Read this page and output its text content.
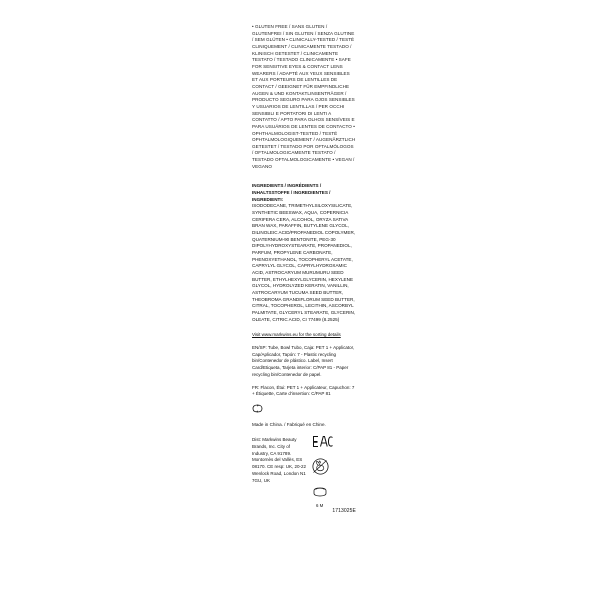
• GLUTEN FREE / SANS GLUTEN / GLUTENFREI / SIN GLUTEN / SENZA GLUTINE / SEM GLÚTEN • CLINICALLY-TESTED / TESTÉ CLINIQUEMENT / CLINICAMENTE TESTADO / KLINISCH GETESTET / CLINICAMENTE TESTATO / TESTADO CLINICAMENTE • SAFE FOR SENSITIVE EYES & CONTACT LENS WEARERS / ADAPTÉ AUX YEUX SENSIBLES ET AUX PORTEURS DE LENTILLES DE CONTACT / GEEIGNET FÜR EMPFINDLICHE AUGEN & UND KONTAKTLINSENTRÄGER / PRODUCTO SEGURO PARA OJOS SENSIBLES Y USUARIOS DE LENTILLAS / PER OCCHI SENSIBILI E PORTATORI DI LENTI A CONTATTO / APTO PARA OLHOS SENSÍVEIS E PARA USUÁRIOS DE LENTES DE CONTACTO • OPHTHALMOLOGIST-TESTED / TESTÉ OPHTALMOLOGIQUEMENT / AUGENÄRZTLICH GETESTET / TESTADO POR OFTALMÓLOGOS / OFTALMOLOGICAMENTE TESTATO / TESTADO OFTALMOLOGICAMENTE • VEGAN / VEGANO
INGREDIENTS / INGRÉDIENTS / INHALTSSTOFFE / INGREDIENTES / INGREDIENTI:
ISODODECANE, TRIMETHYLSILOXYSILICATE, SYNTHETIC BEESWAX, AQUA, COPERNICIA CERIFERA CERA, ALCOHOL, ORYZA SATIVA BRAN WAX, PARAFFIN, BUTYLENE GLYCOL, DILINOLEIC ACID/PROPANEDIOL COPOLYMER, QUATERNIUM-90 BENTONITE, PEG-30 DIPOLYHYDROXYSTEARATE, PROPANEDIOL, PARFUM, PROPYLENE CARBONATE, PHENOXYETHANOL, TOCOPHERYL ACETATE, CAPRYLYL GLYCOL, CAPRYLHYDROXAMIC ACID, ASTROCARYUM MURUMURU SEED BUTTER, ETHYLHEXYLGLYCERIN, HEXYLENE GLYCOL, HYDROLYZED KERATIN, VANILLIN, ASTROCARYUM TUCUMA SEED BUTTER, THEOBROMA GRANDIFLORUM SEED BUTTER, CITRAL, TOCOPHEROL, LECITHIN, ASCORBYL PALMITATE, GLYCERYL STEARATE, GLYCERIN, OLEATE, CITRIC ACID, CI 77499 (8.2525)
Visit www.markwins.eu for the sorting details
EN/SP: Tube, Bowl Tubo, Caja: PET 1 + Applicator, Cap/Aplicador, Tapón: 7 - Plastic recycling bin/Contenedor de plástico. Label, Insert Card/Etiqueta, Tarjeta interior: C/PAP 81 - Paper recycling bin/Contenedor de papel.
FR: Flacon, Étui: PET 1 + Applicateur, Capuchon: 7 + Étiquette, Carte d'insertion: C/PAP 81
Made in China. / Fabriqué en Chine.
Dist: Markwins Beauty Brands, Inc. City of Industry, CA 91789. Montornès del Vallès, ES 08170. CE resp: UK, 20-22 Wenlock Road, London N1 7GU, UK
6 M
1713025E
